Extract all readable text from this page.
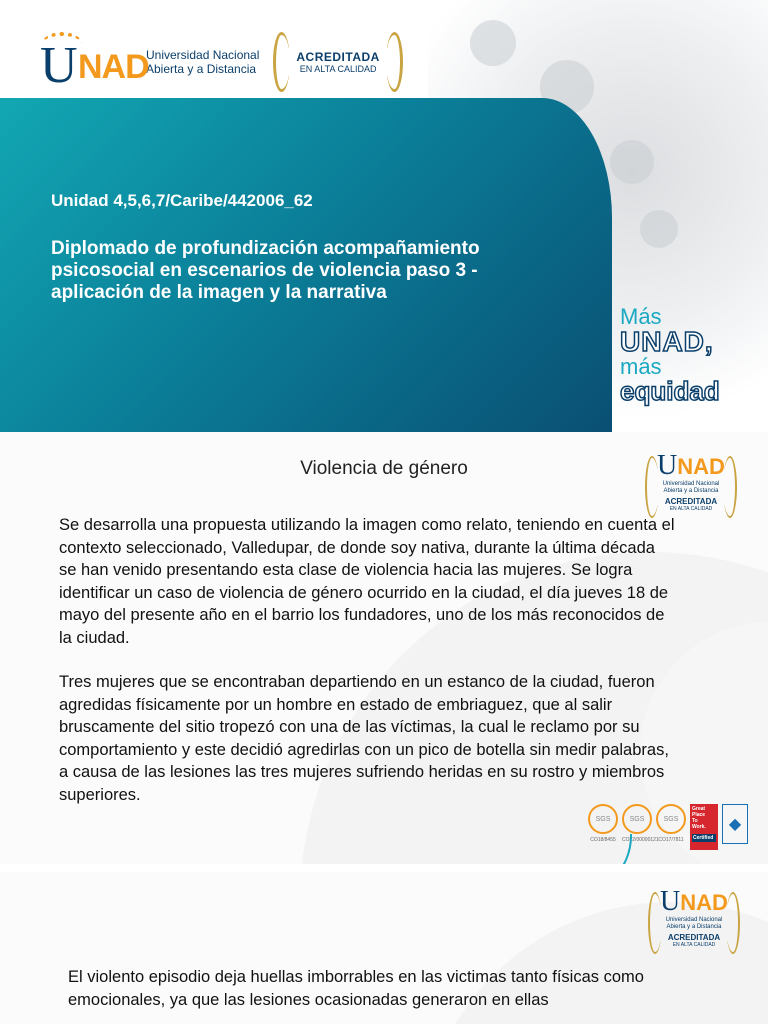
U NAD
Universidad Nacional
Abierta y a Distancia
ACREDITADA
EN ALTA CALIDAD
Unidad 4,5,6,7/Caribe/442006_62
Diplomado de profundización acompañamiento psicosocial en escenarios de violencia paso 3 -aplicación de la imagen y la narrativa
Más
UNAD,
más
equidad
Violencia de género	UNAD
Universidad Nacional
Abierta y a Distancia
ACREDITADA
EN ALTA CALIDAD

Se desarrolla una propuesta utilizando la imagen como relato, teniendo en cuenta el contexto seleccionado, Valledupar, de donde soy nativa, durante la última década se han venido presentando esta clase de violencia hacia las mujeres. Se logra identificar un caso de violencia de género ocurrido en la ciudad, el día jueves 18 de mayo del presente año en el barrio los fundadores, uno de los más reconocidos de la ciudad.

Tres mujeres que se encontraban departiendo en un estanco de la ciudad, fueron agredidas físicamente por un hombre en estado de embriaguez, que al salir bruscamente del sitio tropezó con una de las víctimas, la cual le reclamo por su comportamiento y este decidió agredirlas con un pico de botella sin medir palabras, a causa de las lesiones las tres mujeres sufriendo heridas en su rostro y miembros superiores.

SGS
CO18/8455
SGS
CO22/00000121
SGS
CO17/7811
Great
Place
To
Work.
Certified
◆
UNAD
Universidad Nacional
Abierta y a Distancia
ACREDITADA
EN ALTA CALIDAD
El violento episodio deja huellas imborrables en las victimas tanto físicas como emocionales, ya que las lesiones ocasionadas generaron en ellas
